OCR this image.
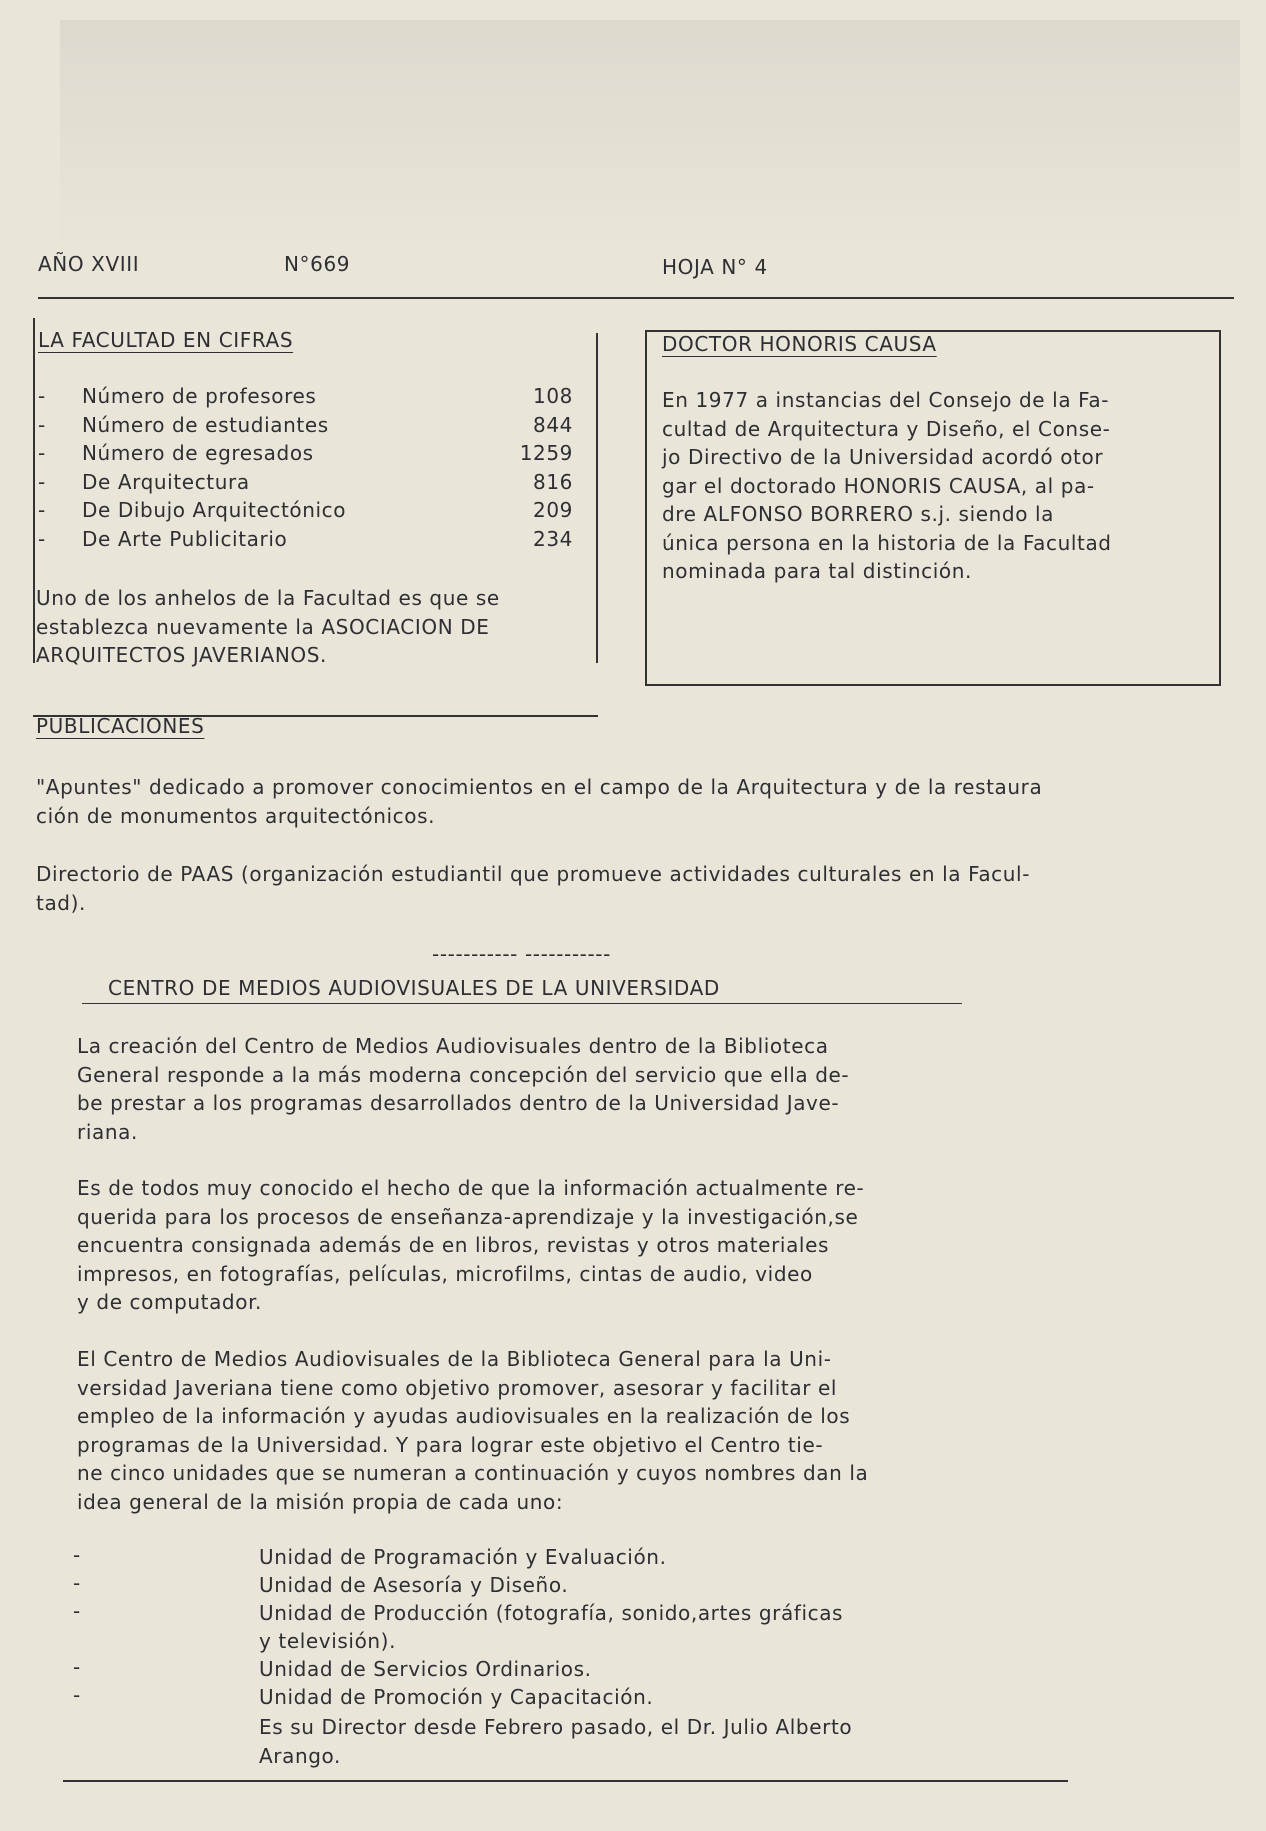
AÑO XVIII	N°669	HOJA N° 4
LA FACULTAD EN CIFRAS
- Número de profesores	108
- Número de estudiantes	844
- Número de egresados	1259
- De Arquitectura	816
- De Dibujo Arquitectónico	209
- De Arte Publicitario	234
Uno de los anhelos de la Facultad es que se
establezca nuevamente la ASOCIACION DE
ARQUITECTOS JAVERIANOS.
DOCTOR HONORIS CAUSA
En 1977 a instancias del Consejo de la Fa-
cultad de Arquitectura y Diseño, el Conse-
jo Directivo de la Universidad acordó otor
gar el doctorado HONORIS CAUSA, al pa-
dre ALFONSO BORRERO s.j. siendo la
única persona en la historia de la Facultad
nominada para tal distinción.
PUBLICACIONES
"Apuntes" dedicado a promover conocimientos en el campo de la Arquitectura y de la restaura
ción de monumentos arquitectónicos.
Directorio de PAAS (organización estudiantil que promueve actividades culturales en la Facul-
tad).
----------- -----------
CENTRO DE MEDIOS AUDIOVISUALES DE LA UNIVERSIDAD
La creación del Centro de Medios Audiovisuales dentro de la Biblioteca
General responde a la más moderna concepción del servicio que ella de-
be prestar a los programas desarrollados dentro de la Universidad Jave-
riana.
Es de todos muy conocido el hecho de que la información actualmente re-
querida para los procesos de enseñanza-aprendizaje y la investigación,se
encuentra consignada además de en libros, revistas y otros materiales
impresos, en fotografías, películas, microfilms, cintas de audio, video
y de computador.
El Centro de Medios Audiovisuales de la Biblioteca General para la Uni-
versidad Javeriana tiene como objetivo promover, asesorar y facilitar el
empleo de la información y ayudas audiovisuales en la realización de los
programas de la Universidad. Y para lograr este objetivo el Centro tie-
ne cinco unidades que se numeran a continuación y cuyos nombres dan la
idea general de la misión propia de cada uno:
-	Unidad de Programación y Evaluación.
-	Unidad de Asesoría y Diseño.
-	Unidad de Producción (fotografía, sonido,artes gráficas
y televisión).
-	Unidad de Servicios Ordinarios.
-	Unidad de Promoción y Capacitación.
Es su Director desde Febrero pasado, el Dr. Julio Alberto
Arango.
